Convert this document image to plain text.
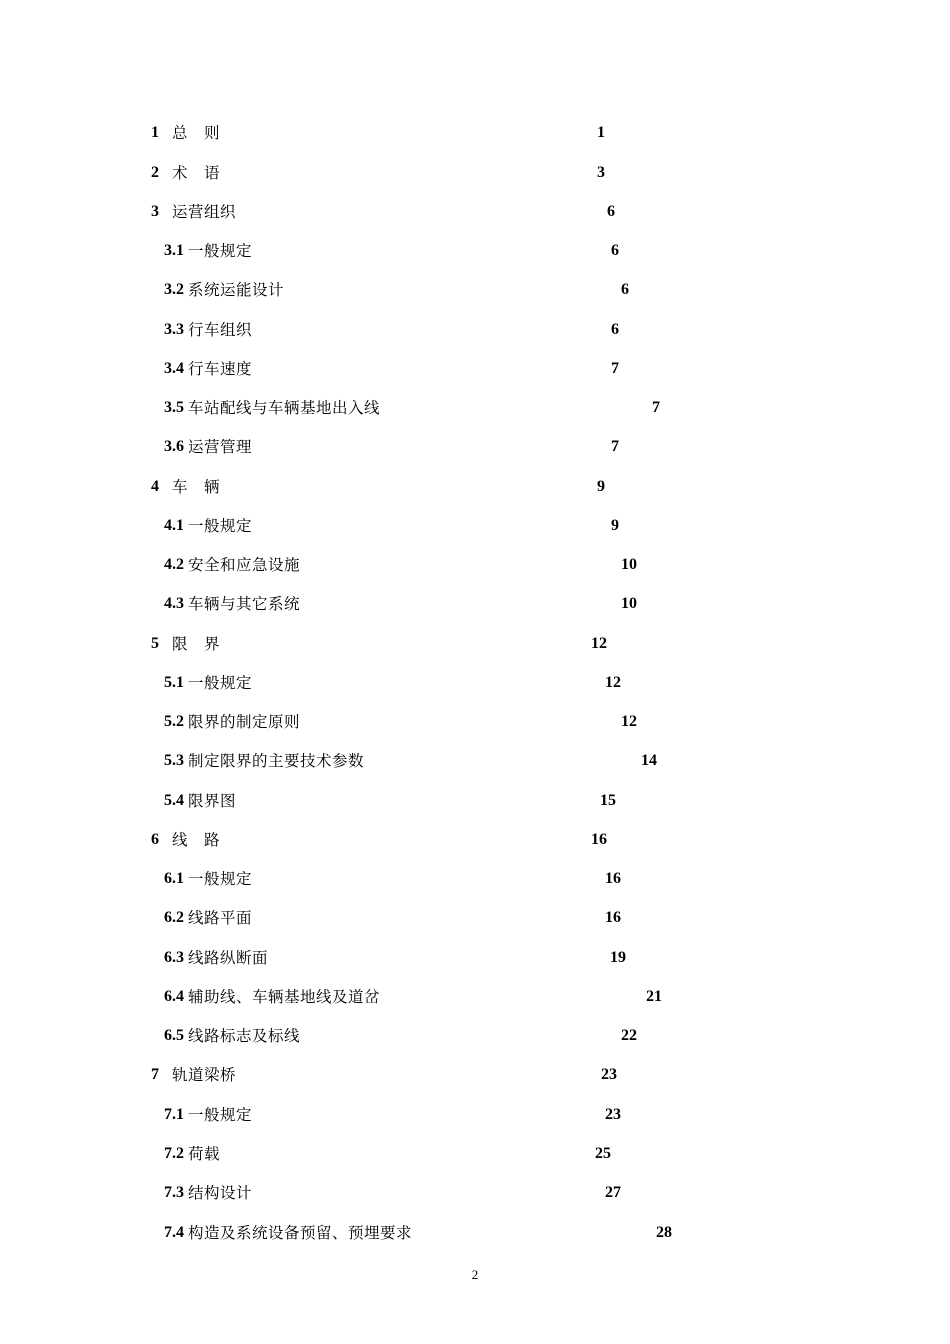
1 总　则	1
2 术　语	3
3 运营组织	6
3.1 一般规定	6
3.2 系统运能设计	6
3.3 行车组织	6
3.4 行车速度	7
3.5 车站配线与车辆基地出入线	7
3.6 运营管理	7
4 车　辆	9
4.1 一般规定	9
4.2 安全和应急设施	10
4.3 车辆与其它系统	10
5 限　界	12
5.1 一般规定	12
5.2 限界的制定原则	12
5.3 制定限界的主要技术参数	14
5.4 限界图	15
6 线　路	16
6.1 一般规定	16
6.2 线路平面	16
6.3 线路纵断面	19
6.4 辅助线、车辆基地线及道岔	21
6.5 线路标志及标线	22
7 轨道梁桥	23
7.1 一般规定	23
7.2 荷载	25
7.3 结构设计	27
7.4 构造及系统设备预留、预埋要求	28
2
